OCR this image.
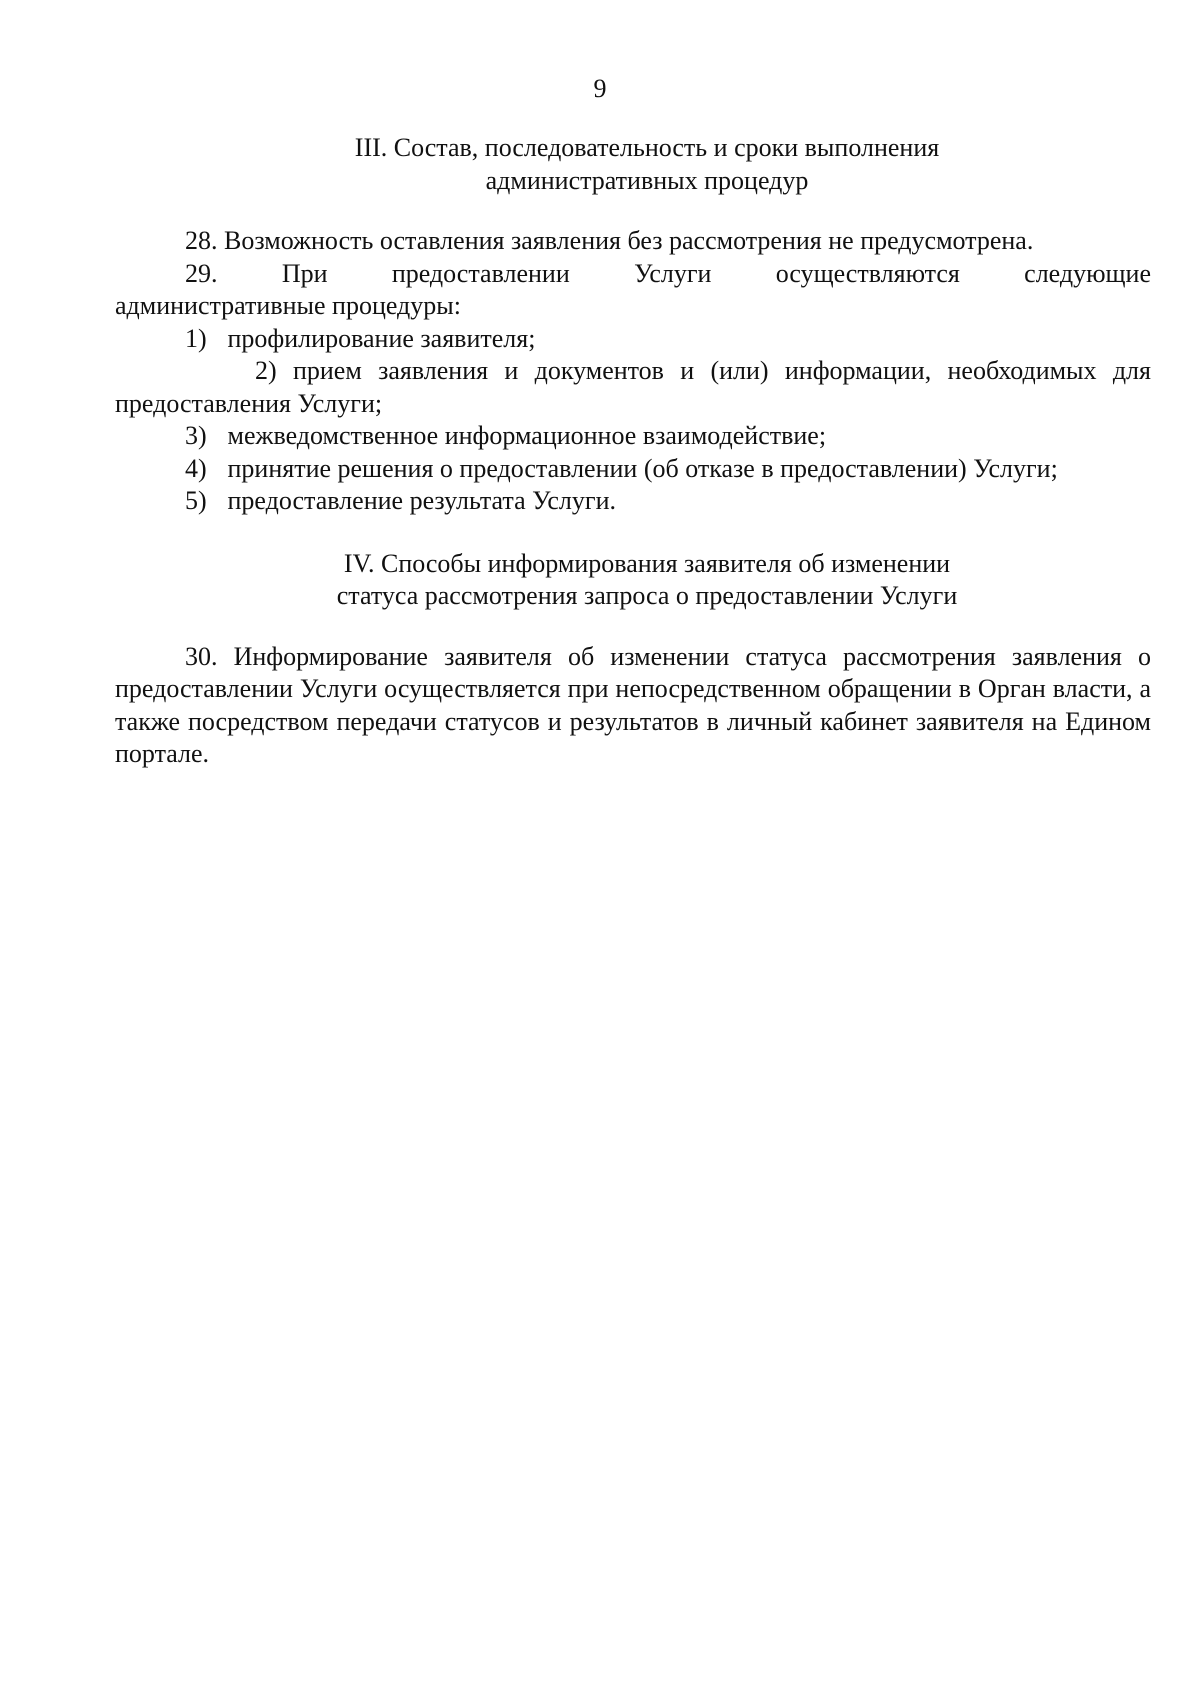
9
III. Состав, последовательность и сроки выполнения
административных процедур

28. Возможность оставления заявления без рассмотрения не предусмотрена.

29. При предоставлении Услуги осуществляются следующие
административные процедуры:

1) профилирование заявителя;

2) прием заявления и документов и (или) информации, необходимых для предоставления Услуги;

3) межведомственное информационное взаимодействие;

4) принятие решения о предоставлении (об отказе в предоставлении) Услуги;

5) предоставление результата Услуги.

IV. Способы информирования заявителя об изменении
статуса рассмотрения запроса о предоставлении Услуги

30. Информирование заявителя об изменении статуса рассмотрения заявления о предоставлении Услуги осуществляется при непосредственном обращении в Орган власти, а также посредством передачи статусов и результатов в личный кабинет заявителя на Едином портале.
